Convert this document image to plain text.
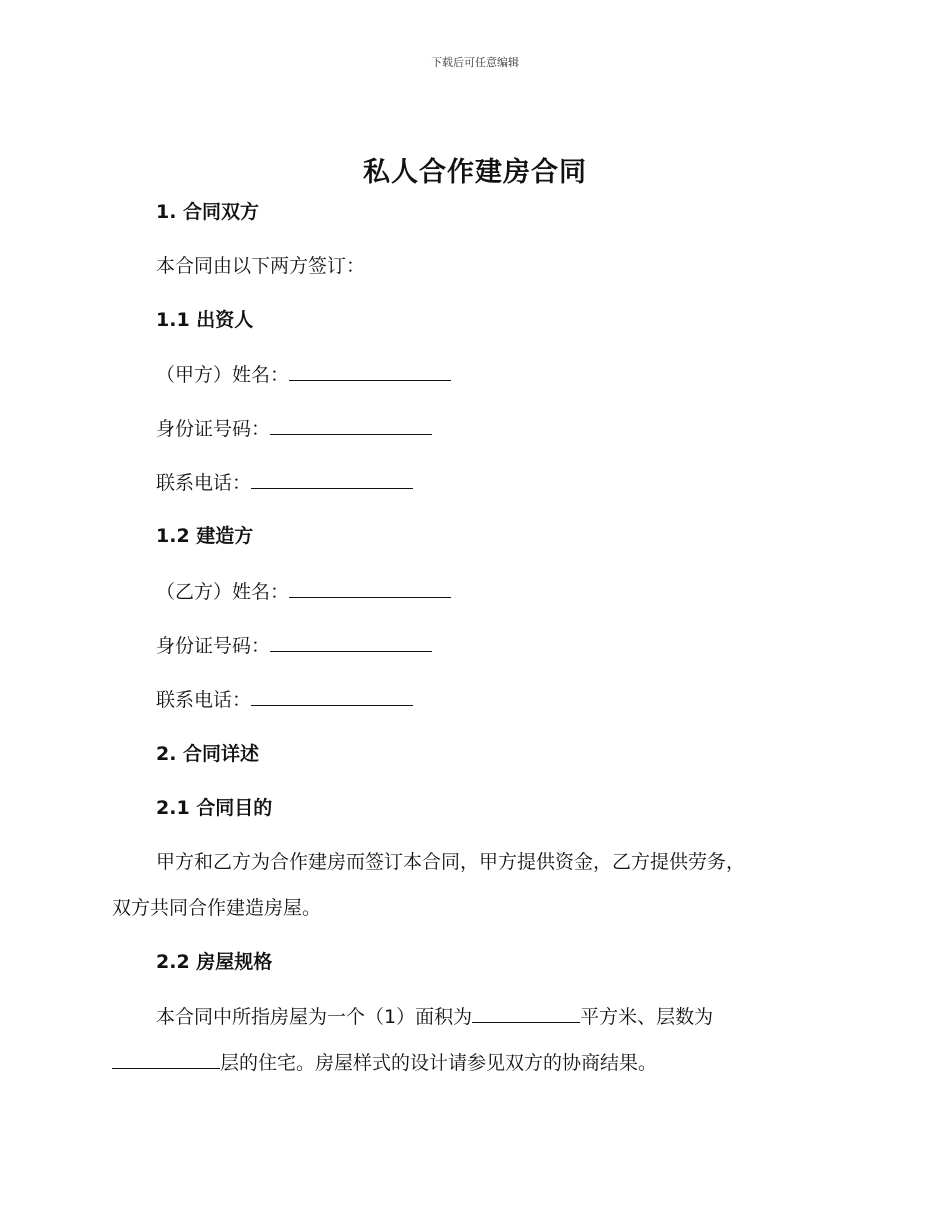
下载后可任意编辑
私人合作建房合同
1. 合同双方
本合同由以下两方签订：
1.1 出资人
（甲方）姓名：
身份证号码：
联系电话：
1.2 建造方
（乙方）姓名：
身份证号码：
联系电话：
2. 合同详述
2.1 合同目的
甲方和乙方为合作建房而签订本合同，甲方提供资金，乙方提供劳务，
双方共同合作建造房屋。
2.2 房屋规格
本合同中所指房屋为一个（1）面积为	平方米、层数为
层的住宅。房屋样式的设计请参见双方的协商结果。
